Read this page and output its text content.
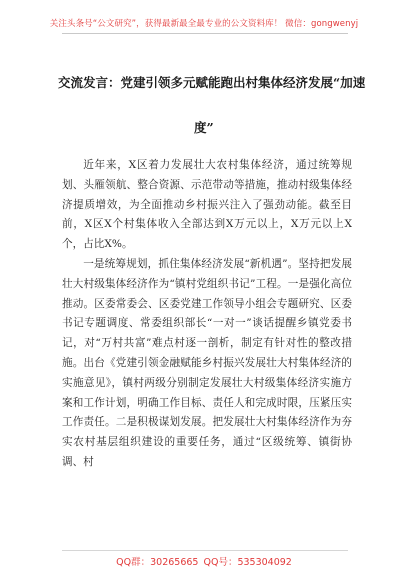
关注头条号“公文研究”，获得最新最全最专业的公文资料库！ 微信：gongwenyj
交流发言：党建引领多元赋能跑出村集体经济发展“加速
度”

近年来，X区着力发展壮大农村集体经济，通过统筹规划、头雁领航、整合资源、示范带动等措施，推动村级集体经济提质增效，为全面推动乡村振兴注入了强劲动能。截至目前，X区X个村集体收入全部达到X万元以上，X万元以上X个，占比X%。

一是统筹规划，抓住集体经济发展“新机遇”。坚持把发展壮大村级集体经济作为“镇村党组织书记”工程。一是强化高位推动。区委常委会、区委党建工作领导小组会专题研究、区委书记专题调度、常委组织部长“一对一”谈话提醒乡镇党委书记，对“万村共富”难点村逐一剖析，制定有针对性的整改措施。出台《党建引领金融赋能乡村振兴发展壮大村集体经济的实施意见》，镇村两级分别制定发展壮大村级集体经济实施方案和工作计划，明确工作目标、责任人和完成时限，压紧压实工作责任。二是积极谋划发展。把发展壮大村集体经济作为夯实农村基层组织建设的重要任务，通过“区级统筹、镇街协调、村

QQ群：30265665 QQ号：535304092
